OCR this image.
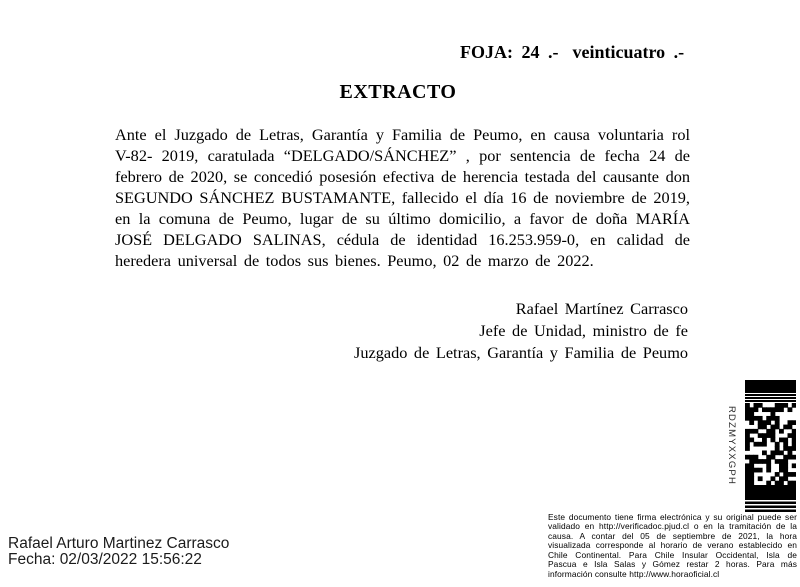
FOJA: 24 .- veinticuatro .-
EXTRACTO
Ante el Juzgado de Letras, Garantía y Familia de Peumo, en causa voluntaria rol
V-82- 2019, caratulada “DELGADO/SÁNCHEZ” , por sentencia de fecha 24 de
febrero de 2020, se concedió posesión efectiva de herencia testada del causante don
SEGUNDO SÁNCHEZ BUSTAMANTE, fallecido el día 16 de noviembre de 2019,
en la comuna de Peumo, lugar de su último domicilio, a favor de doña MARÍA
JOSÉ DELGADO SALINAS, cédula de identidad 16.253.959-0, en calidad de
heredera universal de todos sus bienes. Peumo, 02 de marzo de 2022.
Rafael Martínez Carrasco
Jefe de Unidad, ministro de fe
Juzgado de Letras, Garantía y Familia de Peumo
RDZMYXXGPH
Este documento tiene firma electrónica y su original puede ser
validado en http://verificadoc.pjud.cl o en la tramitación de la
causa. A contar del 05 de septiembre de 2021, la hora
visualizada corresponde al horario de verano establecido en
Chile Continental. Para Chile Insular Occidental, Isla de
Pascua e Isla Salas y Gómez restar 2 horas. Para más
información consulte http://www.horaoficial.cl
Rafael Arturo Martinez Carrasco
Fecha: 02/03/2022 15:56:22
